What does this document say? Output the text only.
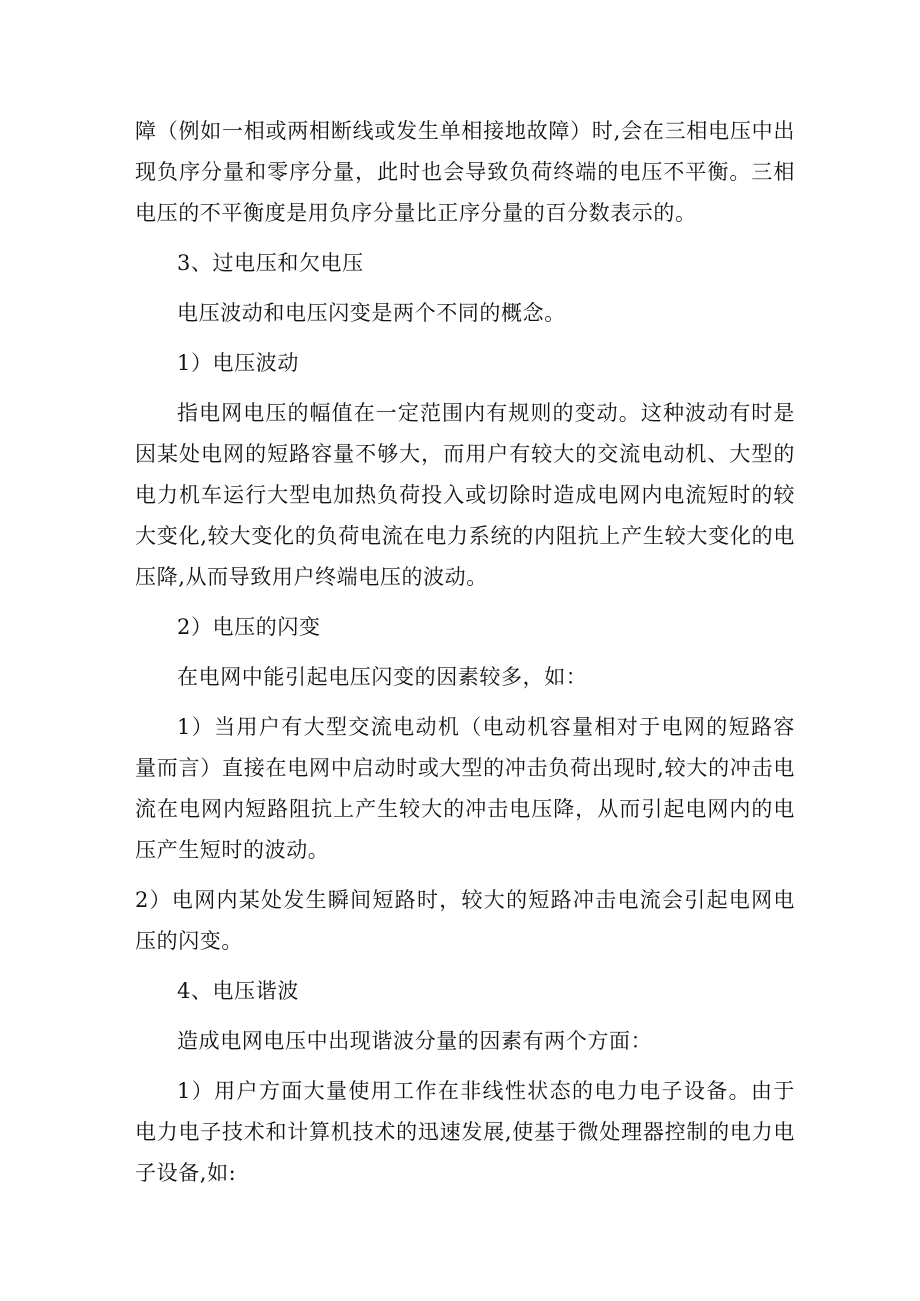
障（例如一相或两相断线或发生单相接地故障）时,会在三相电压中出现负序分量和零序分量，此时也会导致负荷终端的电压不平衡。三相电压的不平衡度是用负序分量比正序分量的百分数表示的。

3、过电压和欠电压

电压波动和电压闪变是两个不同的概念。

1）电压波动

指电网电压的幅值在一定范围内有规则的变动。这种波动有时是因某处电网的短路容量不够大，而用户有较大的交流电动机、大型的电力机车运行大型电加热负荷投入或切除时造成电网内电流短时的较大变化,较大变化的负荷电流在电力系统的内阻抗上产生较大变化的电压降,从而导致用户终端电压的波动。

2）电压的闪变

在电网中能引起电压闪变的因素较多，如：

1）当用户有大型交流电动机（电动机容量相对于电网的短路容量而言）直接在电网中启动时或大型的冲击负荷出现时,较大的冲击电流在电网内短路阻抗上产生较大的冲击电压降，从而引起电网内的电压产生短时的波动。

2）电网内某处发生瞬间短路时，较大的短路冲击电流会引起电网电压的闪变。

4、电压谐波

造成电网电压中出现谐波分量的因素有两个方面：

1）用户方面大量使用工作在非线性状态的电力电子设备。由于电力电子技术和计算机技术的迅速发展,使基于微处理器控制的电力电子设备,如:
